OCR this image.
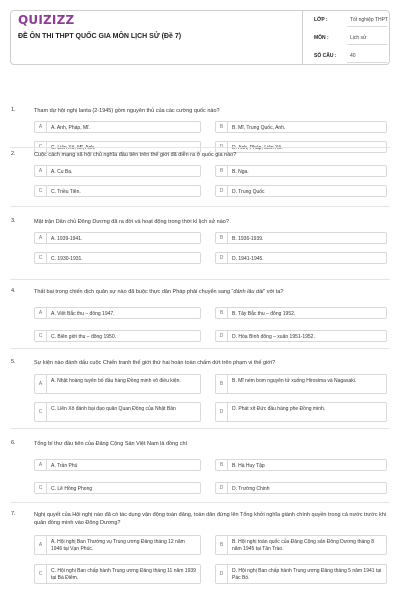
QUIZIZZ
ĐỀ ÔN THI THPT QUỐC GIA MÔN LỊCH SỬ (Đề 7)
LỚP :	Tốt nghiệp THPT
MÔN :	Lịch sử
SỐ CÂU :	40
1.	Tham dự hội nghị Ianta (2-1945) gồm nguyên thủ của các cường quốc nào?
A	A. Anh, Pháp, Mĩ.	B	B. Mĩ, Trung Quốc, Anh.
C	C. Liên Xô, Mĩ, Anh.	D	D. Anh, Pháp, Liên Xô.
2.	Cuộc cách mạng xã hội chủ nghĩa đầu tiên trên thế giới đã diễn ra ở quốc gia nào?
A	A. Cu Ba.	B	B. Nga.
C	C. Triều Tiên.	D	D. Trung Quốc
3.	Mặt trận Dân chủ Đông Dương đã ra đời và hoạt động trong thời kì lịch sử nào?
A	A. 1939-1941.	B	B. 1936-1939.
C	C. 1930-1931.	D	D. 1941-1945.
4.	Thất bại trong chiến dịch quân sự nào đã buộc thực dân Pháp phải chuyển sang “đánh lâu dài” với ta?
A	A. Việt Bắc thu – đông 1947.	B	B. Tây Bắc thu – đông 1952.
C	C. Biên giới thu – đông 1950.	D	D. Hòa Bình đông – xuân 1951-1952.
5.	Sự kiện nào đánh dấu cuộc Chiến tranh thế giới thứ hai hoàn toàn chấm dứt trên phạm vi thế giới?
A	A. Nhật hoàng tuyên bố đầu hàng Đồng minh vô điều kiện.	B	B. Mĩ ném bom nguyên tử xuống Hirosima và Nagasaki.
C	C. Liên Xô đánh bại đạo quân Quan Đông của Nhật Bản	D	D. Phát xít Đức đầu hàng phe Đồng minh.
6.	Tổng bí thư đầu tiên của Đảng Cộng Sản Việt Nam là đồng chí
A	A. Trần Phú	B	B. Hà Huy Tập
C	C. Lê Hồng Phong	D	D. Trường Chinh
7.	Nghị quyết của Hội nghị nào đã có tác dụng vận động toàn đảng, toàn dân đứng lên Tổng khởi nghĩa giành chính quyền trong cả nước trước khi quân đồng minh vào Đông Dương?
A	A. Hội nghị Ban Thường vụ Trung ương Đảng tháng 12 năm 1946 tại Vạn Phúc.
B	B. Hội nghị toàn quốc của Đảng Cộng sản Đông Dương tháng 8 năm 1945 tại Tân Trào.
C	C. Hội nghị Ban chấp hành Trung ương Đảng tháng 11 năm 1939 tại Bà Điểm.
D	D. Hội nghị Ban chấp hành Trung ương Đảng tháng 5 năm 1941 tại Pác Bó.
